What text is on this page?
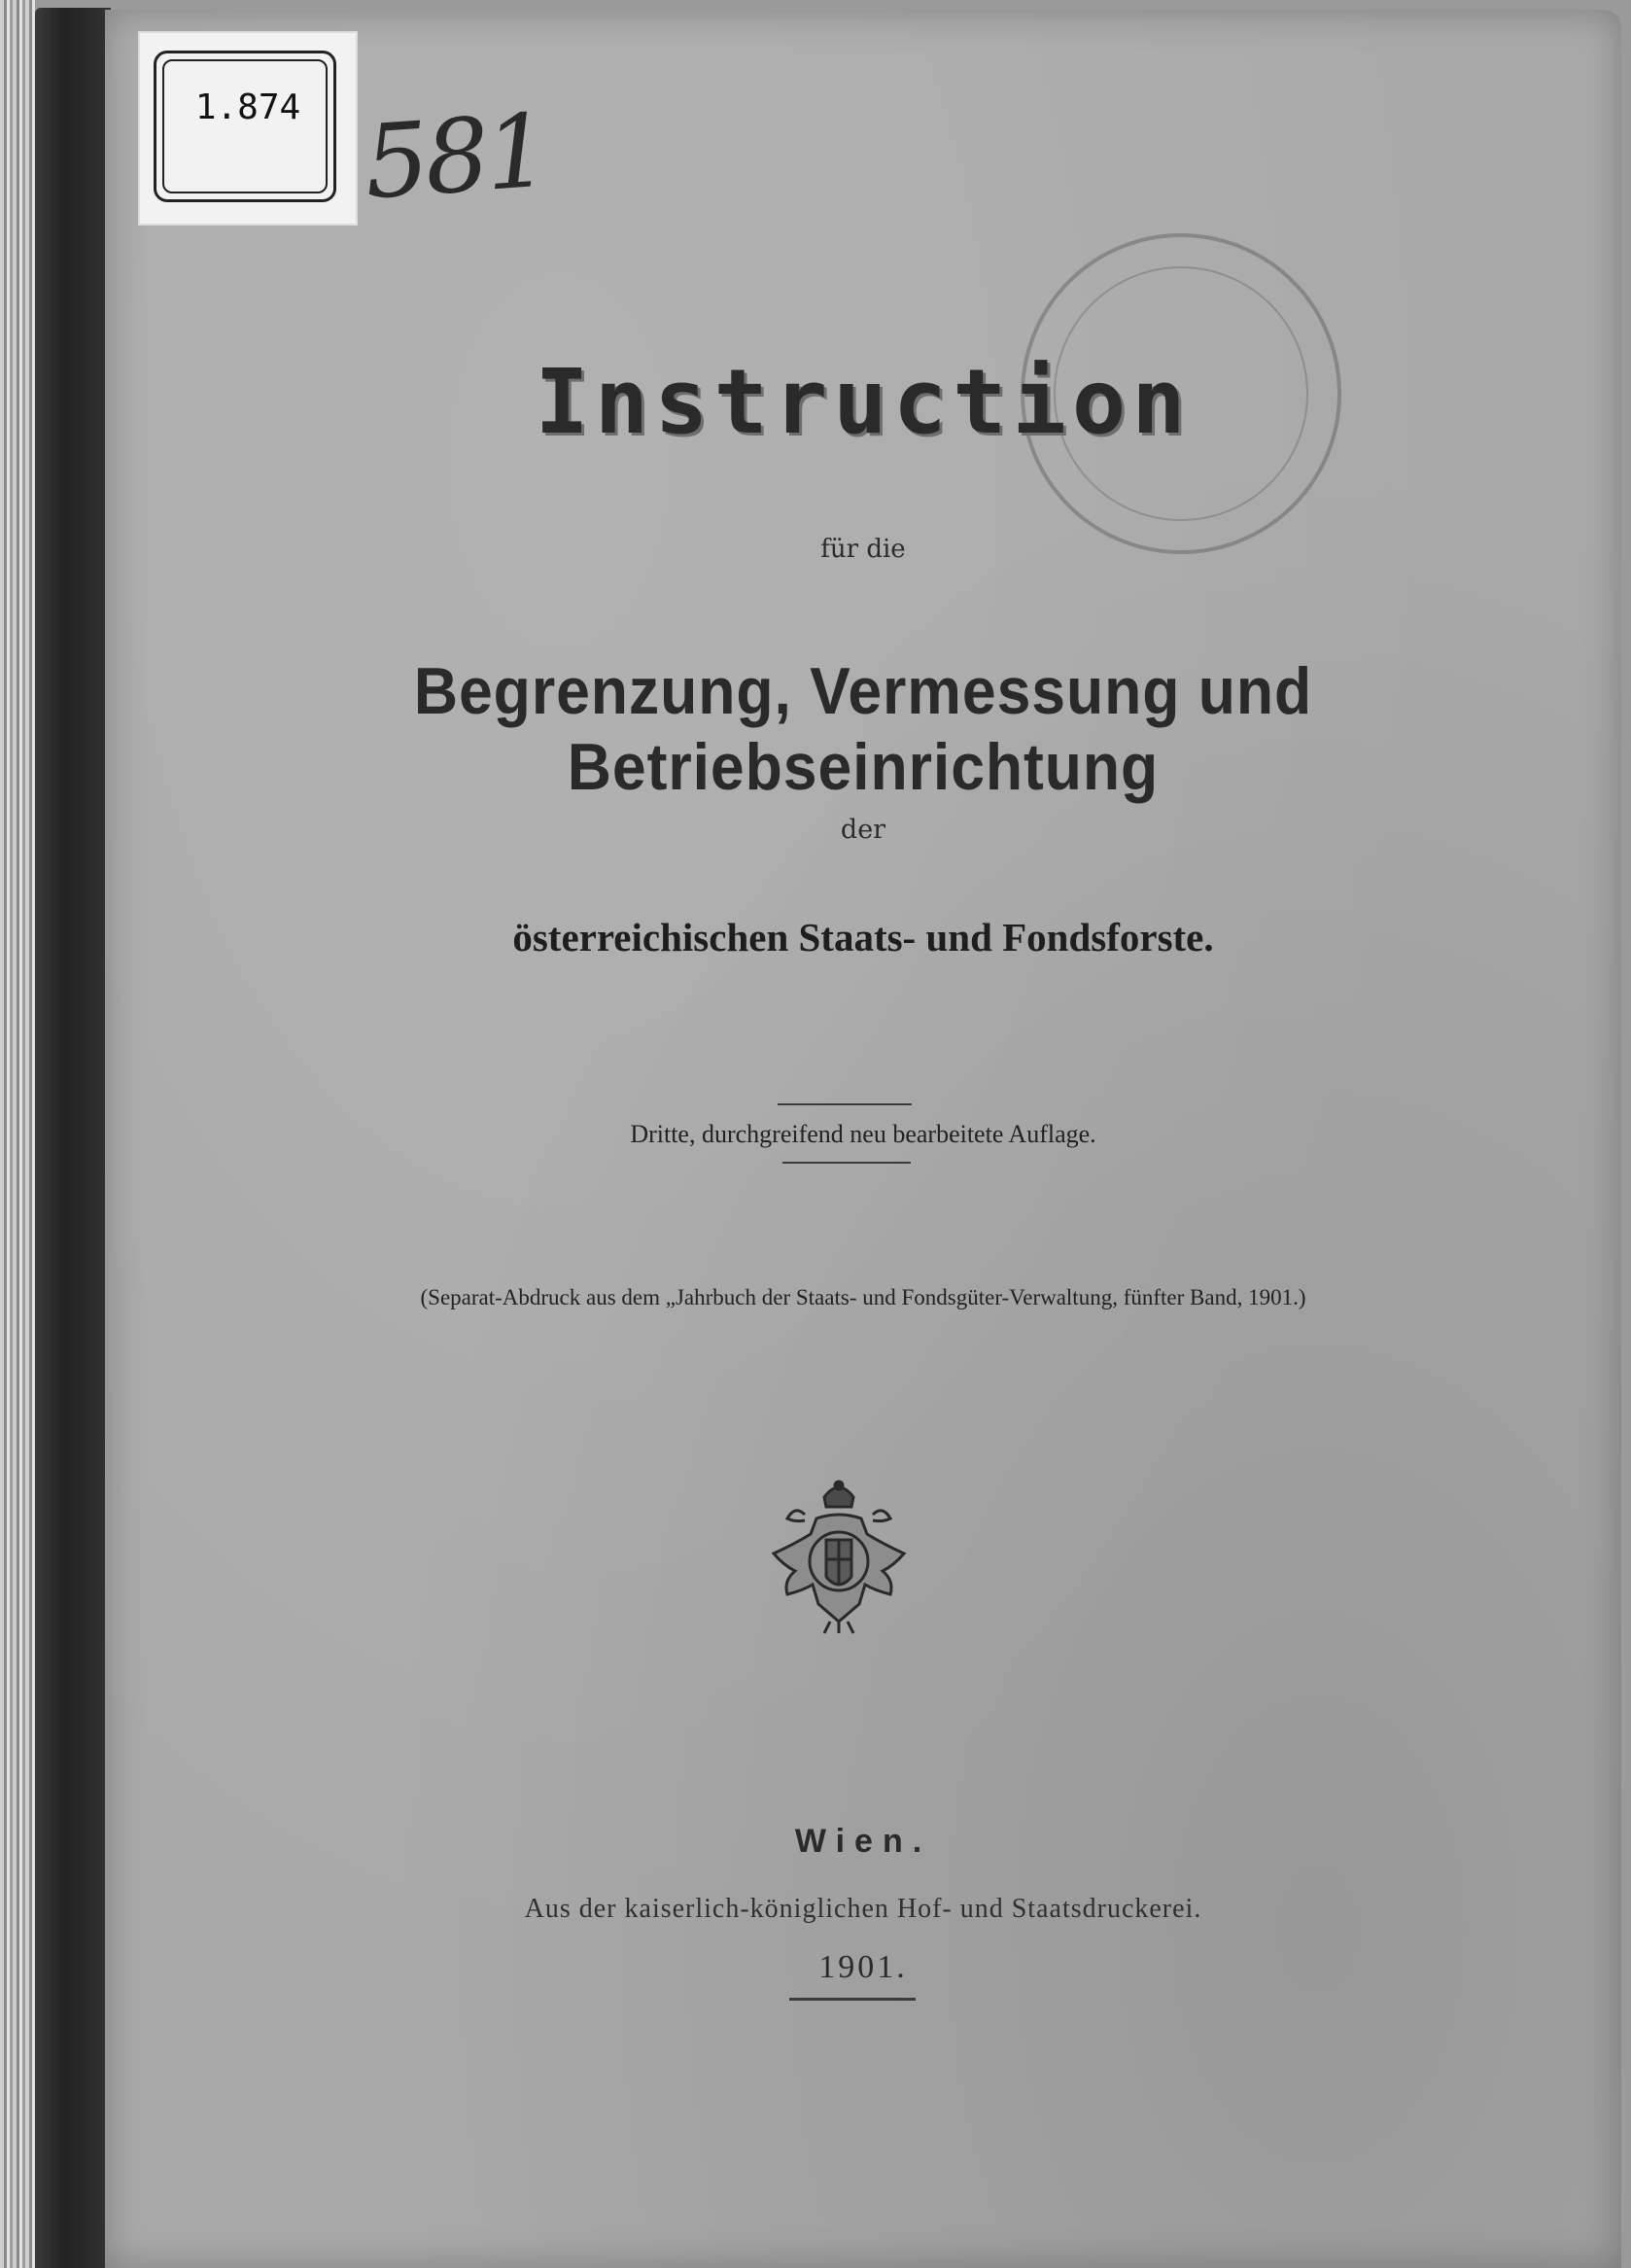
1.874 581
Instruction
für die
Begrenzung, Vermessung und Betriebseinrichtung
der
österreichischen Staats- und Fondsforste.
Dritte, durchgreifend neu bearbeitete Auflage.
(Separat-Abdruck aus dem „Jahrbuch der Staats- und Fondsgüter-Verwaltung, fünfter Band, 1901.)
Wien.
Aus der kaiserlich-königlichen Hof- und Staatsdruckerei.
1901.
